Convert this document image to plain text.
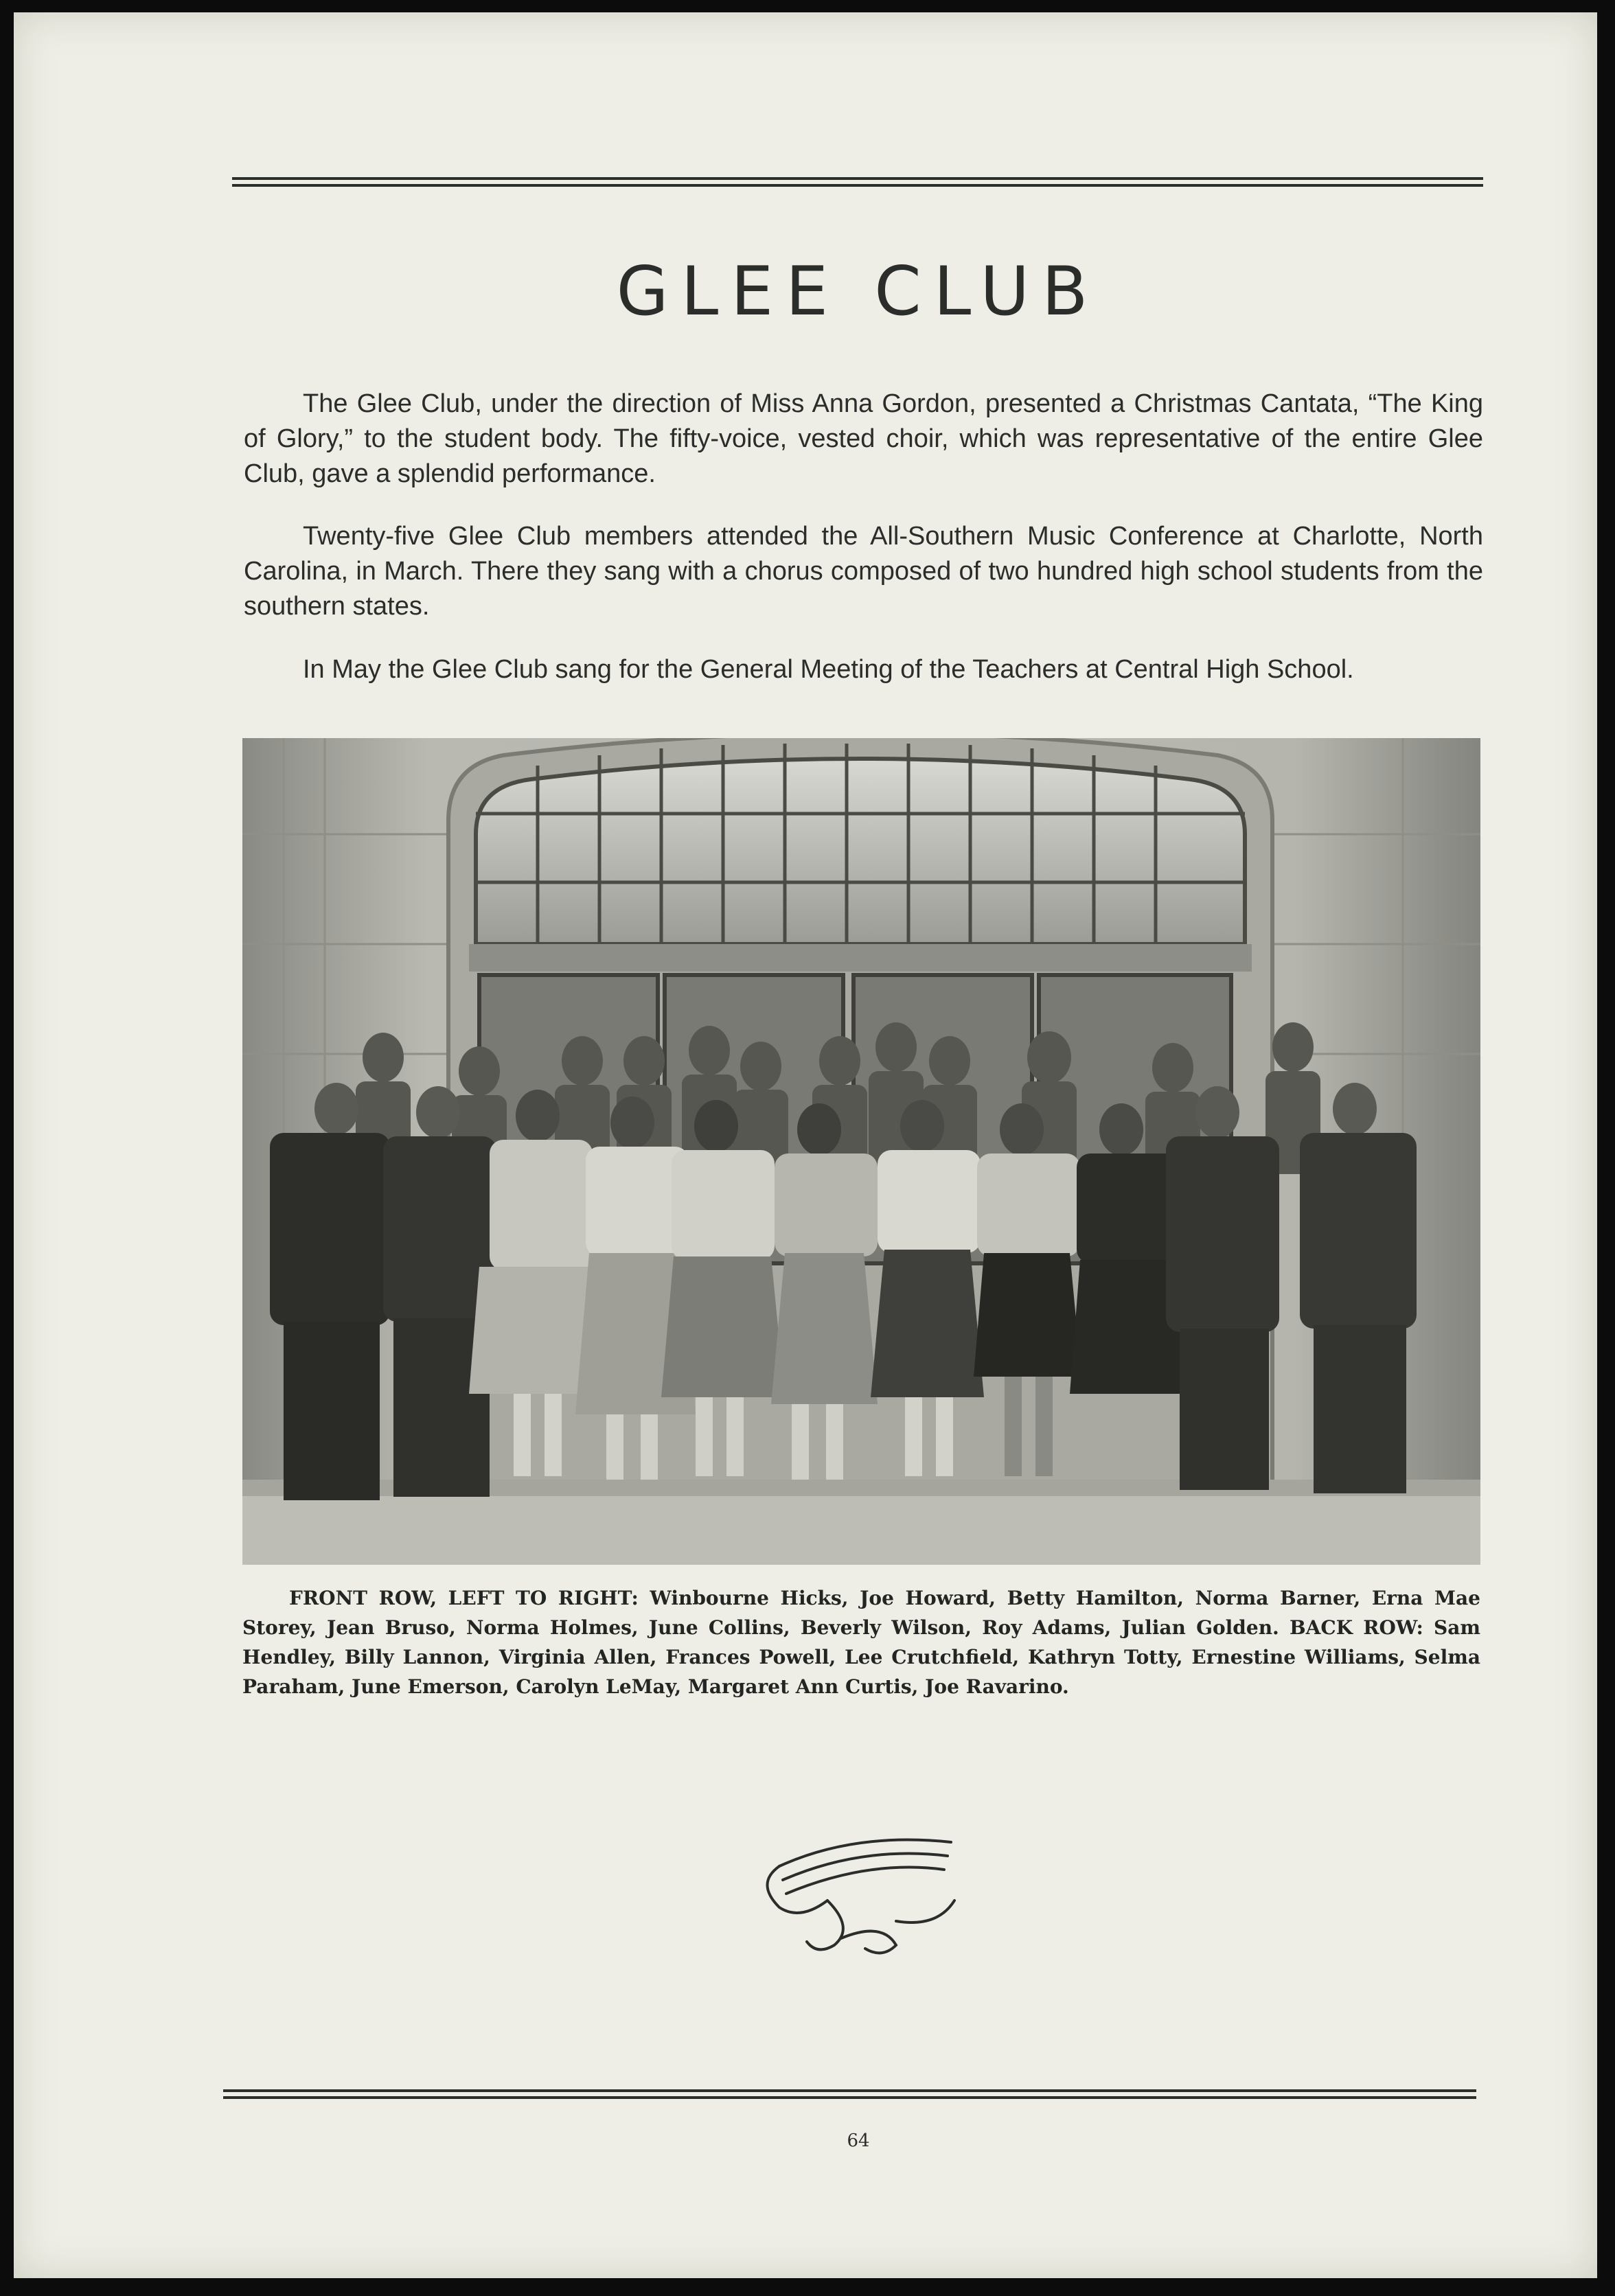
GLEE CLUB

The Glee Club, under the direction of Miss Anna Gordon, presented a Christmas Cantata, “The King of Glory,” to the student body. The fifty-voice, vested choir, which was representative of the entire Glee Club, gave a splendid performance.

Twenty-five Glee Club members attended the All-Southern Music Conference at Charlotte, North Carolina, in March. There they sang with a chorus composed of two hundred high school students from the southern states.

In May the Glee Club sang for the General Meeting of the Teachers at Central High School.

FRONT ROW, LEFT TO RIGHT: Winbourne Hicks, Joe Howard, Betty Hamilton, Norma Barner, Erna Mae Storey, Jean Bruso, Norma Holmes, June Collins, Beverly Wilson, Roy Adams, Julian Golden. BACK ROW: Sam Hendley, Billy Lannon, Virginia Allen, Frances Powell, Lee Crutchfield, Kathryn Totty, Ernestine Williams, Selma Paraham, June Emerson, Carolyn LeMay, Margaret Ann Curtis, Joe Ravarino.

64
